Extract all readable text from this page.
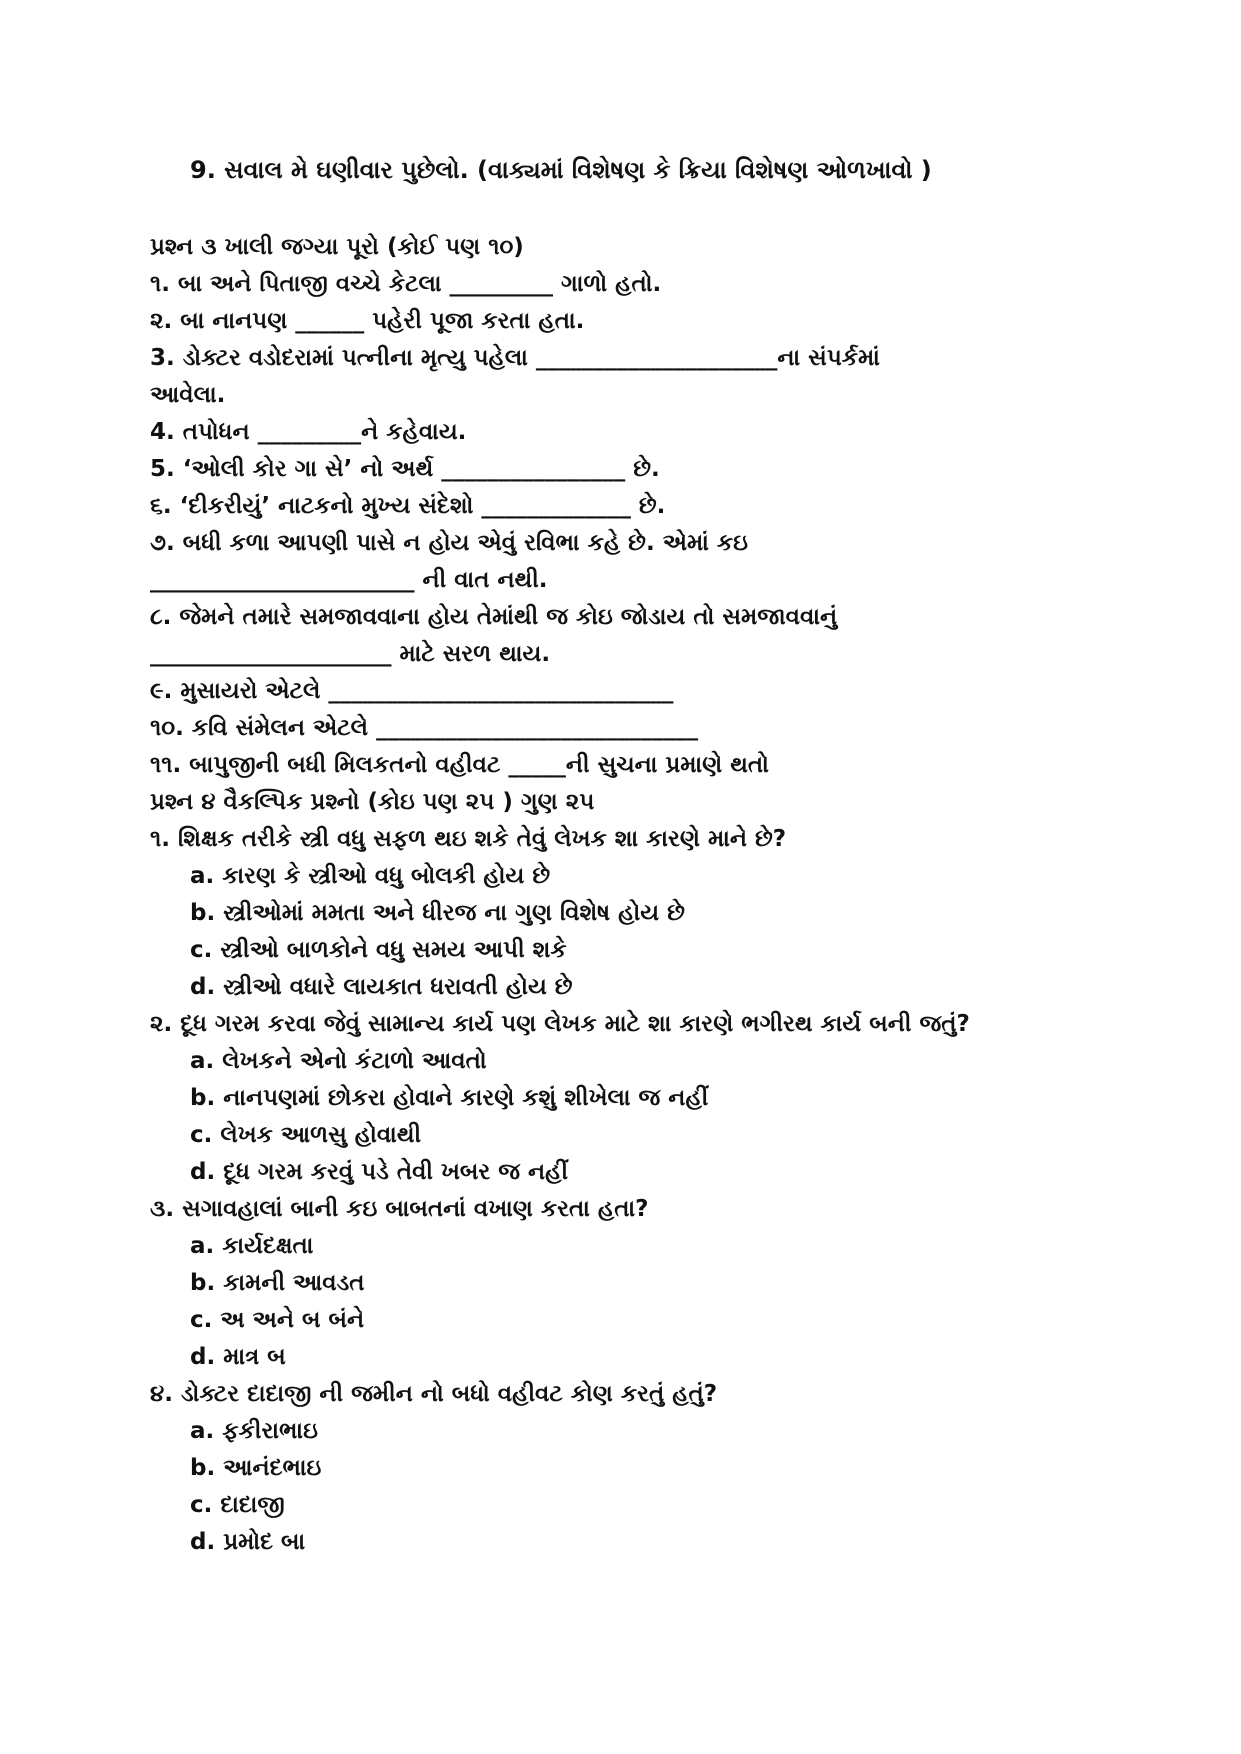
9. સવાલ મે ઘણીવાર પુછેલો. (વાક્યમાં વિશેષણ કે ક્રિયા વિશેષણ ઓળખાવો )
પ્રશ્ન ૩ ખાલી જગ્યા પૂરો (કોઈ પણ ૧૦)
૧. બા અને પિતાજી વચ્ચે કેટલા _________ ગાળો હતો.
૨. બા નાનપણ ______ પહેરી પૂજા કરતા હતા.
3. ડોક્ટર વડોદરામાં પત્નીના મૃત્યુ પહેલા _____________________ના સંપર્કમાં
આવેલા.
4. તપોધન _________ને કહેવાય.
5. ‘ઓલી કોર ગા સે’ નો અર્થ ________________ છે.
૬. ‘દીકરીયું’ નાટકનો મુખ્ય સંદેશો _____________ છે.
૭. બધી કળા આપણી પાસે ન હોય એવું રવિભા કહે છે. એમાં કઇ
_______________________ ની વાત નથી.
૮. જેમને તમારે સમજાવવાના હોય તેમાંથી જ કોઇ જોડાય તો સમજાવવાનું
_____________________ માટે સરળ થાય.
૯. મુસાયરો એટલે ______________________________
૧૦. કવિ સંમેલન એટલે ____________________________
૧૧. બાપુજીની બધી મિલકતનો વહીવટ _____ની સુચના પ્રમાણે થતો
પ્રશ્ન ૪ વૈકલ્પિક પ્રશ્નો (કોઇ પણ ૨૫ ) ગુણ ૨૫
૧. શિક્ષક તરીકે સ્ત્રી વધુ સફળ થઇ શકે તેવું લેખક શા કારણે માને છે?
a. કારણ કે સ્ત્રીઓ વધુ બોલકી હોય છે
b. સ્ત્રીઓમાં મમતા અને ધીરજ ના ગુણ વિશેષ હોય છે
c. સ્ત્રીઓ બાળકોને વધુ સમય આપી શકે
d. સ્ત્રીઓ વધારે લાયકાત ધરાવતી હોય છે
૨. દૂધ ગરમ કરવા જેવું સામાન્ય કાર્ય પણ લેખક માટે શા કારણે ભગીરથ કાર્ય બની જતું?
a. લેખકને એનો કંટાળો આવતો
b. નાનપણમાં છોકરા હોવાને કારણે કશું શીખેલા જ નહીં
c. લેખક આળસુ હોવાથી
d. દૂધ ગરમ કરવું પડે તેવી ખબર જ નહીં
૩. સગાવહાલાં બાની કઇ બાબતનાં વખાણ કરતા હતા?
a. કાર્યદક્ષતા
b. કામની આવડત
c. અ અને બ બંને
d. માત્ર બ
૪. ડોક્ટર દાદાજી ની જમીન નો બધો વહીવટ કોણ કરતું હતું?
a. ફકીરાભાઇ
b. આનંદભાઇ
c. દાદાજી
d. પ્રમોદ બા
